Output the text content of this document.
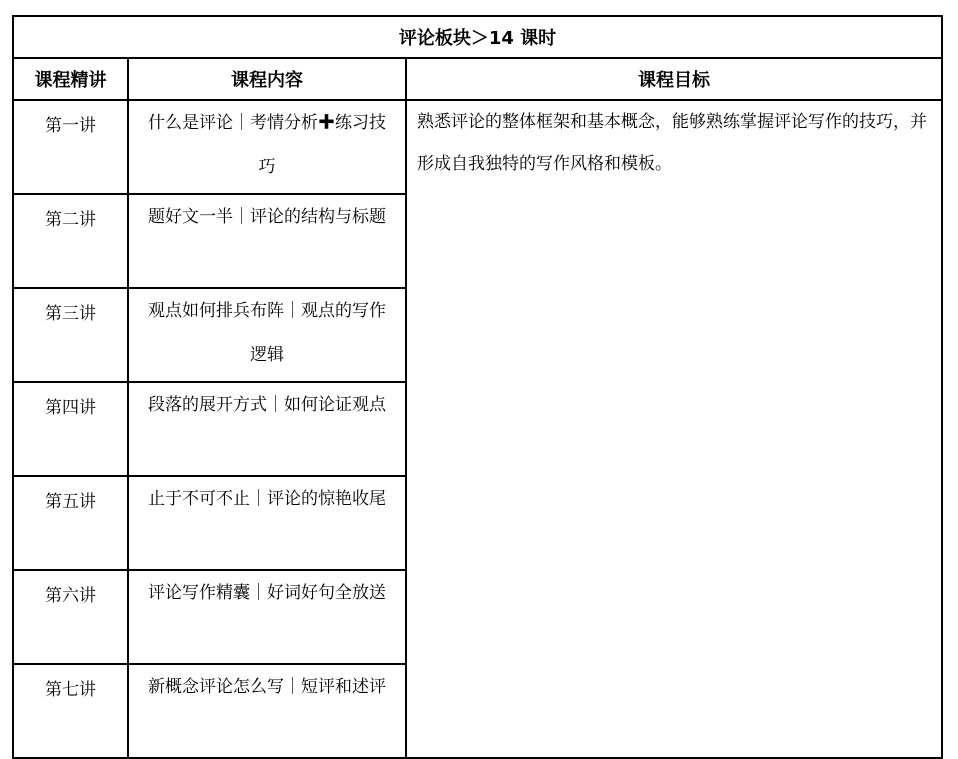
评论板块＞14 课时		
课程精讲	课程内容	课程目标
第一讲	什么是评论｜考情分析✚练习技巧	熟悉评论的整体框架和基本概念，能够熟练掌握评论写作的技巧，并形成自我独特的写作风格和模板。
第二讲	题好文一半｜评论的结构与标题	
第三讲	观点如何排兵布阵｜观点的写作逻辑	
第四讲	段落的展开方式｜如何论证观点	
第五讲	止于不可不止｜评论的惊艳收尾	
第六讲	评论写作精囊｜好词好句全放送	
第七讲	新概念评论怎么写｜短评和述评	
